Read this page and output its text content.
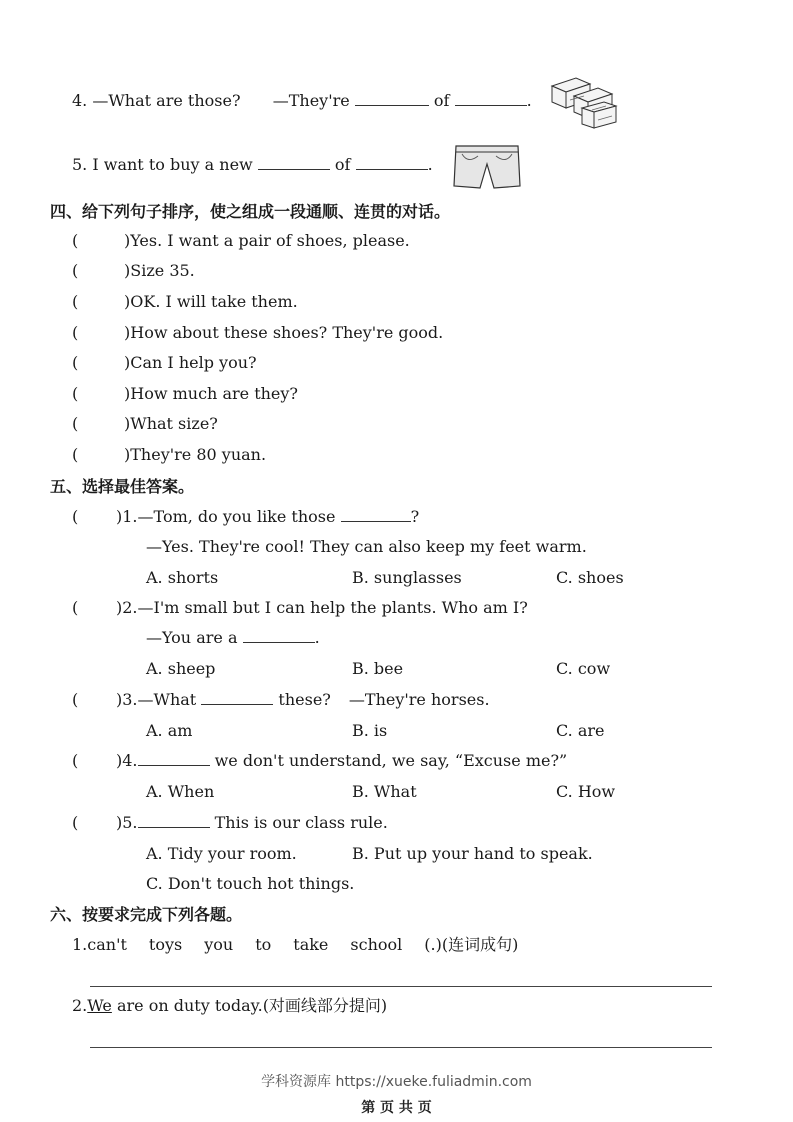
4. —What are those? —They're	of	.
5. I want to buy a new	of	.
四、给下列句子排序，使之组成一段通顺、连贯的对话。
(	)Yes. I want a pair of shoes, please.
(	)Size 35.
(	)OK. I will take them.
(	)How about these shoes? They're good.
(	)Can I help you?
(	)How much are they?
(	)What size?
(	)They're 80 yuan.
五、选择最佳答案。
( )1.—Tom, do you like those	?
—Yes. They're cool! They can also keep my feet warm.
A. shorts	B. sunglasses	C. shoes
( )2.—I'm small but I can help the plants. Who am I?
—You are a	.
A. sheep	B. bee	C. cow
( )3.—What	these? —They're horses.
A. am	B. is	C. are
( )4.	we don't understand, we say, “Excuse me?”
A. When	B. What	C. How
( )5.	This is our class rule.
A. Tidy your room.	B. Put up your hand to speak.
C. Don't touch hot things.
六、按要求完成下列各题。
1.can't toys you to take school (.)(连词成句)
2.We are on duty today.(对画线部分提问)
学科资源库 https://xueke.fuliadmin.com
第 页 共 页
